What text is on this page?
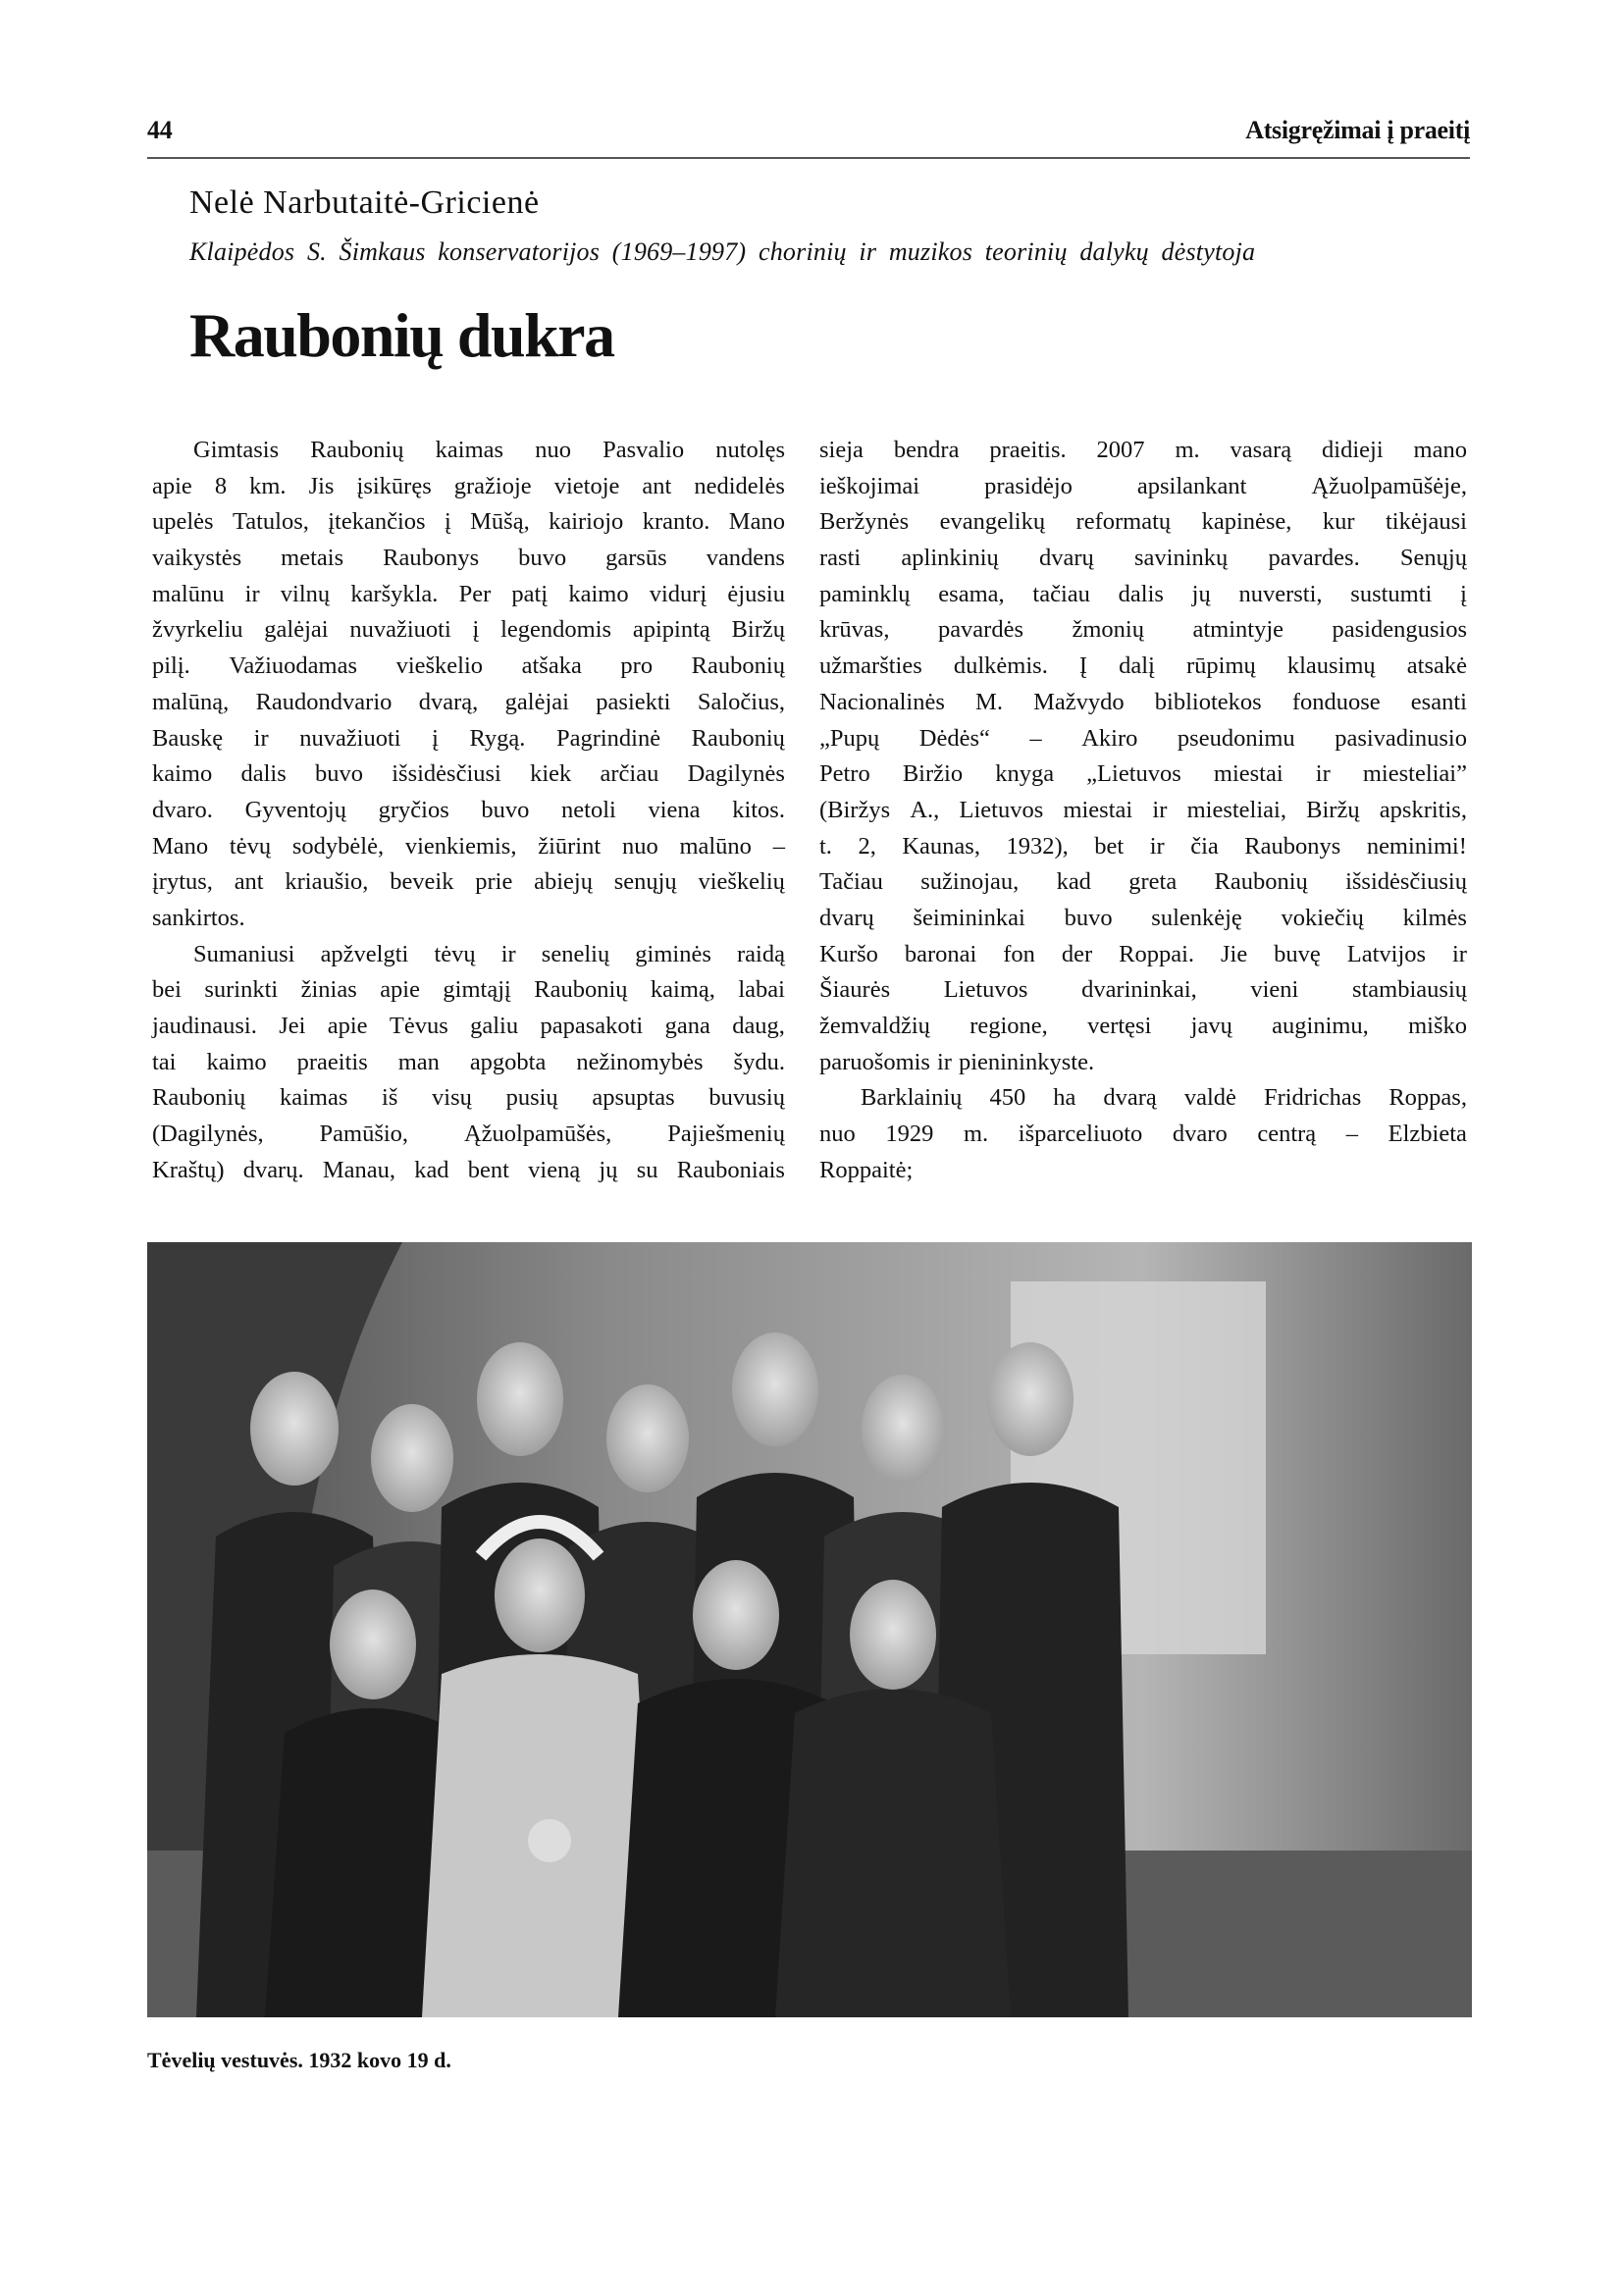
44	Atsigręžimai į praeitį
Nelė Narbutaitė-Gricienė
Klaipėdos S. Šimkaus konservatorijos (1969–1997) chorinių ir muzikos teorinių dalykų dėstytoja
Raubonių dukra
Gimtasis Raubonių kaimas nuo Pasvalio nutolęs
apie 8 km. Jis įsikūręs gražioje vietoje ant nedidelės
upelės Tatulos, įtekančios į Mūšą, kairiojo kranto. Mano
vaikystės metais Raubonys buvo garsūs vandens
malūnu ir vilnų karšykla. Per patį kaimo vidurį ėjusiu
žvyrkeliu galėjai nuvažiuoti į legendomis apipintą Biržų
pilį. Važiuodamas vieškelio atšaka pro Raubonių
malūną, Raudondvario dvarą, galėjai pasiekti Saločius,
Bauskę ir nuvažiuoti į Rygą. Pagrindinė Raubonių
kaimo dalis buvo išsidėsčiusi kiek arčiau Dagilynės
dvaro. Gyventojų gryčios buvo netoli viena kitos.
Mano tėvų sodybėlė, vienkiemis, žiūrint nuo malūno –
įrytus, ant kriaušio, beveik prie abiejų senųjų vieškelių
sankirtos.
Sumaniusi apžvelgti tėvų ir senelių giminės raidą
bei surinkti žinias apie gimtąjį Raubonių kaimą, labai
jaudinausi. Jei apie Tėvus galiu papasakoti gana daug,
tai kaimo praeitis man apgobta nežinomybės šydu.
Raubonių kaimas iš visų pusių apsuptas buvusių
(Dagilynės, Pamūšio, Ąžuolpamūšės, Pajiešmenių
Kraštų) dvarų. Manau, kad bent vieną jų su Rauboniais
sieja bendra praeitis. 2007 m. vasarą didieji mano
ieškojimai	prasidėjo	apsilankant	Ąžuolpamūšėje,
Beržynės evangelikų reformatų kapinėse, kur tikėjausi
rasti aplinkinių dvarų savininkų pavardes. Senųjų
paminklų esama, tačiau dalis jų nuversti, sustumti į
krūvas, pavardės žmonių atmintyje pasidengusios
užmaršties dulkėmis. Į dalį rūpimų klausimų atsakė
Nacionalinės M. Mažvydo bibliotekos fonduose esanti
„Pupų Dėdės“ – Akiro pseudonimu pasivadinusio
Petro Biržio knyga „Lietuvos miestai ir miesteliai”
(Biržys A., Lietuvos miestai ir miesteliai, Biržų apskritis,
t. 2, Kaunas, 1932), bet ir čia Raubonys neminimi!
Tačiau sužinojau, kad greta Raubonių išsidėsčiusių
dvarų šeimininkai buvo sulenkėję vokiečių kilmės
Kuršo baronai fon der Roppai. Jie buvę Latvijos ir
Šiaurės Lietuvos dvarininkai, vieni stambiausių
žemvaldžių regione, vertęsi javų auginimu, miško
paruošomis ir pienininkyste.
Barklainių 450 ha dvarą valdė Fridrichas Roppas,
nuo 1929 m. išparceliuoto dvaro centrą – Elzbieta
Roppaitė;
Tėvelių vestuvės. 1932 kovo 19 d.
